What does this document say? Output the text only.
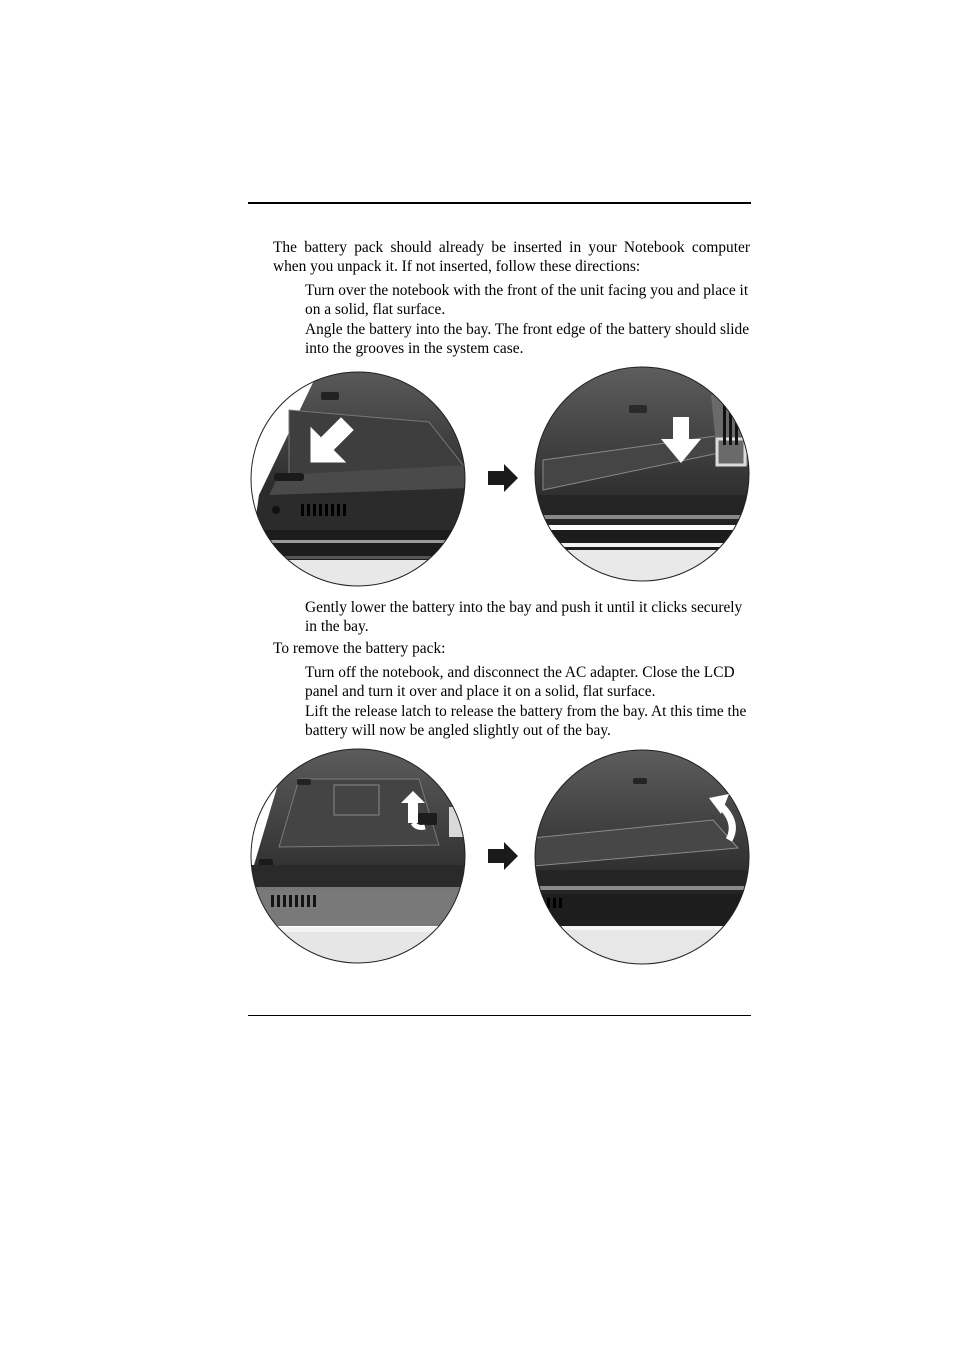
The battery pack should already be inserted in your Notebook computer when you unpack it. If not inserted, follow these directions:

Turn over the notebook with the front of the unit facing you and place it on a solid, flat surface.

Angle the battery into the bay. The front edge of the battery should slide into the grooves in the system case.

Gently lower the battery into the bay and push it until it clicks securely in the bay.

To remove the battery pack:

Turn off the notebook, and disconnect the AC adapter. Close the LCD panel and turn it over and place it on a solid, flat surface.

Lift the release latch to release the battery from the bay. At this time the battery will now be angled slightly out of the bay.
